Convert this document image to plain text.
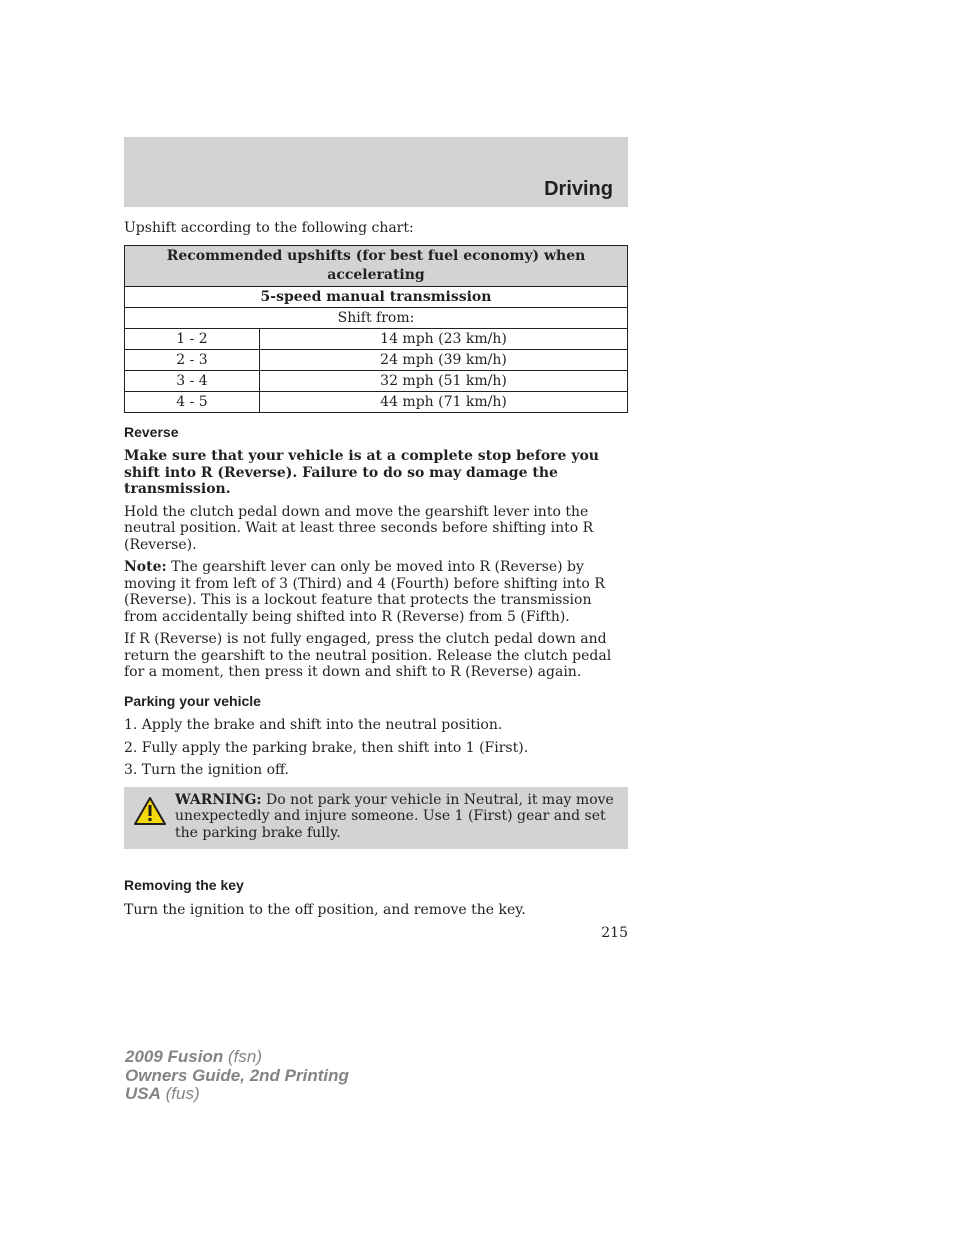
Driving

Upshift according to the following chart:

Recommended upshifts (for best fuel economy) when accelerating	
5-speed manual transmission	
Shift from:	
1 - 2	14 mph (23 km/h)
2 - 3	24 mph (39 km/h)
3 - 4	32 mph (51 km/h)
4 - 5	44 mph (71 km/h)
Reverse

Make sure that your vehicle is at a complete stop before you shift into R (Reverse). Failure to do so may damage the transmission.

Hold the clutch pedal down and move the gearshift lever into the neutral position. Wait at least three seconds before shifting into R (Reverse).

Note: The gearshift lever can only be moved into R (Reverse) by moving it from left of 3 (Third) and 4 (Fourth) before shifting into R (Reverse). This is a lockout feature that protects the transmission from accidentally being shifted into R (Reverse) from 5 (Fifth).

If R (Reverse) is not fully engaged, press the clutch pedal down and return the gearshift to the neutral position. Release the clutch pedal for a moment, then press it down and shift to R (Reverse) again.

Parking your vehicle

1. Apply the brake and shift into the neutral position.

2. Fully apply the parking brake, then shift into 1 (First).

3. Turn the ignition off.

WARNING: Do not park your vehicle in Neutral, it may move unexpectedly and injure someone. Use 1 (First) gear and set the parking brake fully.
Removing the key

Turn the ignition to the off position, and remove the key.

215
2009 Fusion (fsn)
Owners Guide, 2nd Printing
USA (fus)
